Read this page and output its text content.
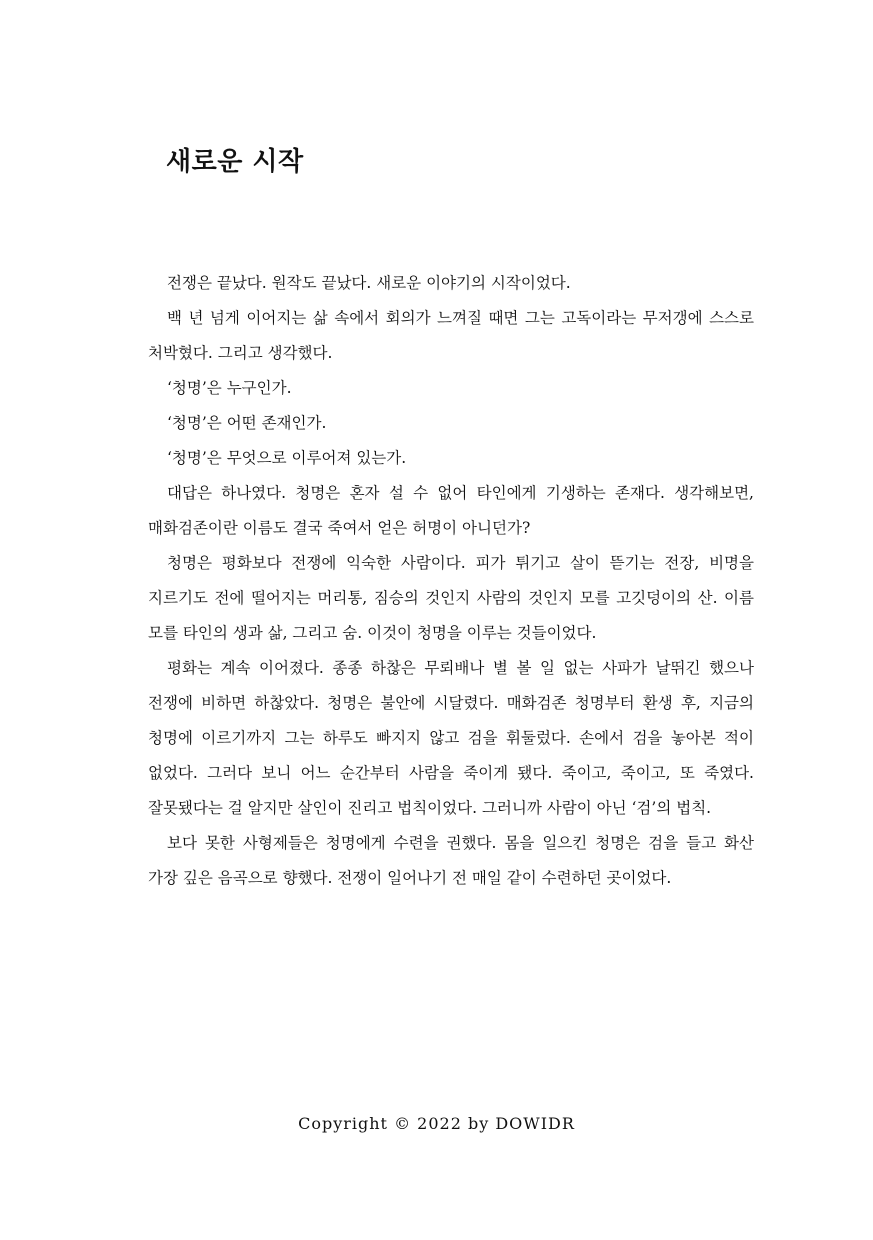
새로운 시작

전쟁은 끝났다. 원작도 끝났다. 새로운 이야기의 시작이었다.

백 년 넘게 이어지는 삶 속에서 회의가 느껴질 때면 그는 고독이라는 무저갱에 스스로 처박혔다. 그리고 생각했다.

‘청명’은 누구인가.

‘청명’은 어떤 존재인가.

‘청명’은 무엇으로 이루어져 있는가.

대답은 하나였다. 청명은 혼자 설 수 없어 타인에게 기생하는 존재다. 생각해보면, 매화검존이란 이름도 결국 죽여서 얻은 허명이 아니던가?

청명은 평화보다 전쟁에 익숙한 사람이다. 피가 튀기고 살이 뜯기는 전장, 비명을 지르기도 전에 떨어지는 머리통, 짐승의 것인지 사람의 것인지 모를 고깃덩이의 산. 이름 모를 타인의 생과 삶, 그리고 숨. 이것이 청명을 이루는 것들이었다.

평화는 계속 이어졌다. 종종 하찮은 무뢰배나 별 볼 일 없는 사파가 날뛰긴 했으나 전쟁에 비하면 하찮았다. 청명은 불안에 시달렸다. 매화검존 청명부터 환생 후, 지금의 청명에 이르기까지 그는 하루도 빠지지 않고 검을 휘둘렀다. 손에서 검을 놓아본 적이 없었다. 그러다 보니 어느 순간부터 사람을 죽이게 됐다. 죽이고, 죽이고, 또 죽였다. 잘못됐다는 걸 알지만 살인이 진리고 법칙이었다. 그러니까 사람이 아닌 ‘검’의 법칙.

보다 못한 사형제들은 청명에게 수련을 권했다. 몸을 일으킨 청명은 검을 들고 화산 가장 깊은 음곡으로 향했다. 전쟁이 일어나기 전 매일 같이 수련하던 곳이었다.

Copyright © 2022 by DOWIDR
